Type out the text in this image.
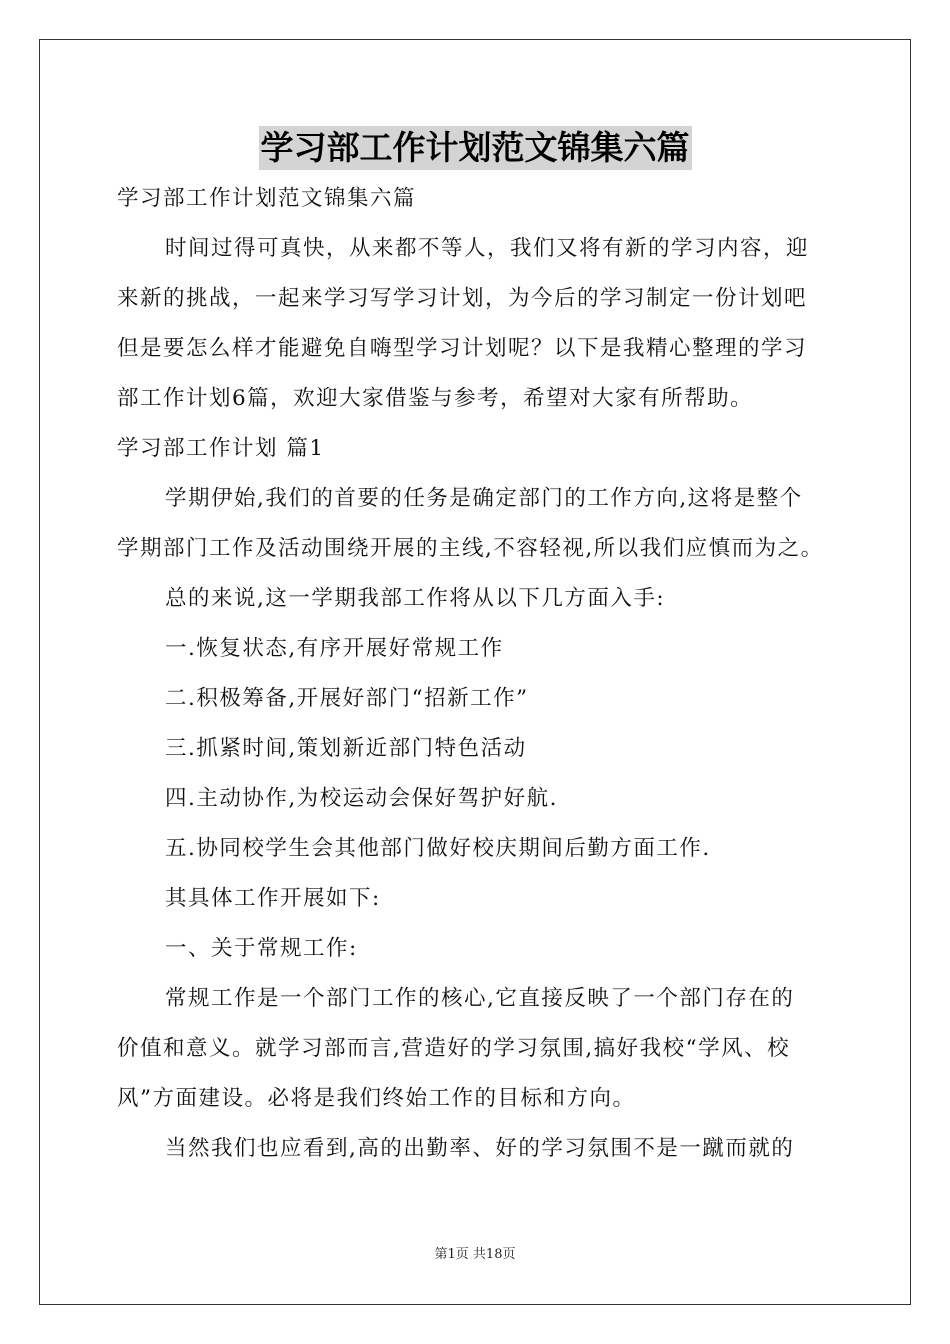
学习部工作计划范文锦集六篇
学习部工作计划范文锦集六篇
时间过得可真快，从来都不等人，我们又将有新的学习内容，迎
来新的挑战，一起来学习写学习计划，为今后的学习制定一份计划吧
但是要怎么样才能避免自嗨型学习计划呢？以下是我精心整理的学习
部工作计划6篇，欢迎大家借鉴与参考，希望对大家有所帮助。
学习部工作计划 篇1
学期伊始,我们的首要的任务是确定部门的工作方向,这将是整个
学期部门工作及活动围绕开展的主线,不容轻视,所以我们应慎而为之。
总的来说,这一学期我部工作将从以下几方面入手:
一.恢复状态,有序开展好常规工作
二.积极筹备,开展好部门“招新工作”
三.抓紧时间,策划新近部门特色活动
四.主动协作,为校运动会保好驾护好航.
五.协同校学生会其他部门做好校庆期间后勤方面工作.
其具体工作开展如下:
一、关于常规工作:
常规工作是一个部门工作的核心,它直接反映了一个部门存在的
价值和意义。就学习部而言,营造好的学习氛围,搞好我校“学风、校
风”方面建设。必将是我们终始工作的目标和方向。
当然我们也应看到,高的出勤率、好的学习氛围不是一蹴而就的
第1页 共18页
